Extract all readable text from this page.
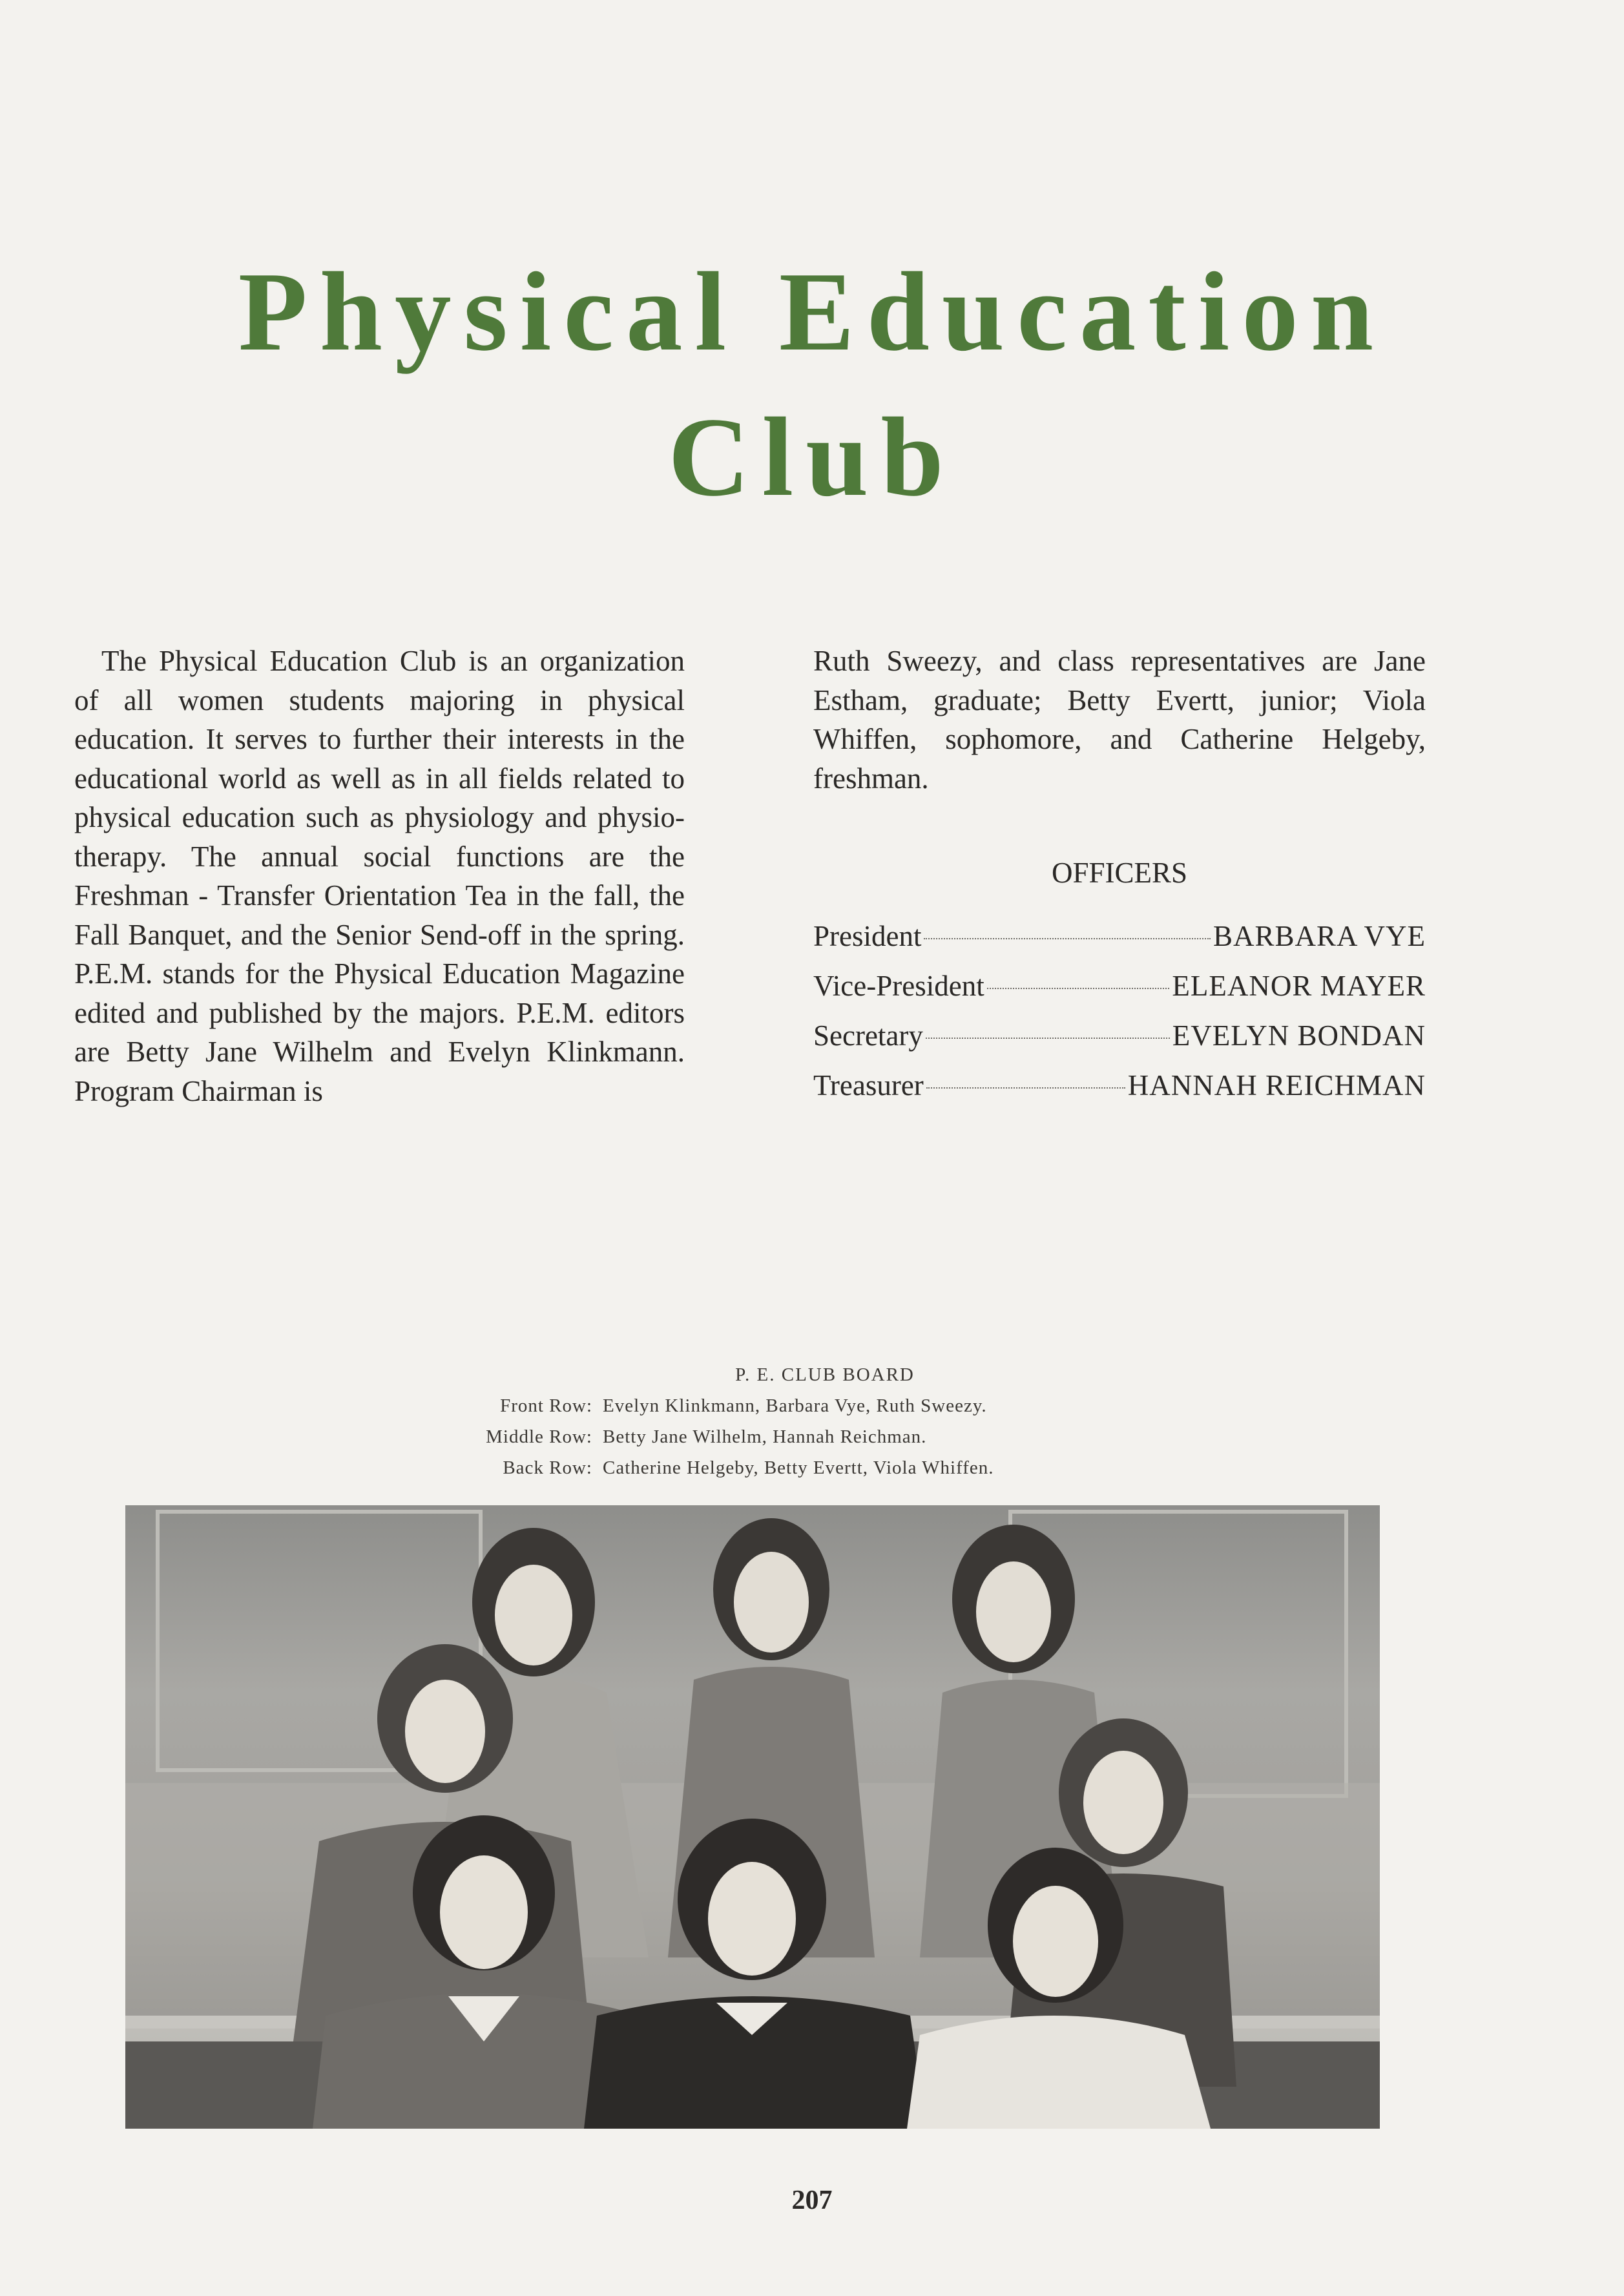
Physical Education
Club

The Physical Education Club is an organization of all women students majoring in physical education. It serves to further their interests in the educational world as well as in all fields related to physical education such as physiology and physio-therapy. The annual social functions are the Freshman - Transfer Orientation Tea in the fall, the Fall Banquet, and the Senior Send-off in the spring. P.E.M. stands for the Physical Education Magazine edited and published by the majors. P.E.M. editors are Betty Jane Wilhelm and Evelyn Klinkmann. Program Chairman is

Ruth Sweezy, and class representatives are Jane Estham, graduate; Betty Evertt, junior; Viola Whiffen, sophomore, and Catherine Helgeby, freshman.

OFFICERS
President	BARBARA VYE
Vice-President	ELEANOR MAYER
Secretary	EVELYN BONDAN
Treasurer	HANNAH REICHMAN
P. E. CLUB BOARD
Front Row: Evelyn Klinkmann, Barbara Vye, Ruth Sweezy.
Middle Row: Betty Jane Wilhelm, Hannah Reichman.
Back Row: Catherine Helgeby, Betty Evertt, Viola Whiffen.
207
